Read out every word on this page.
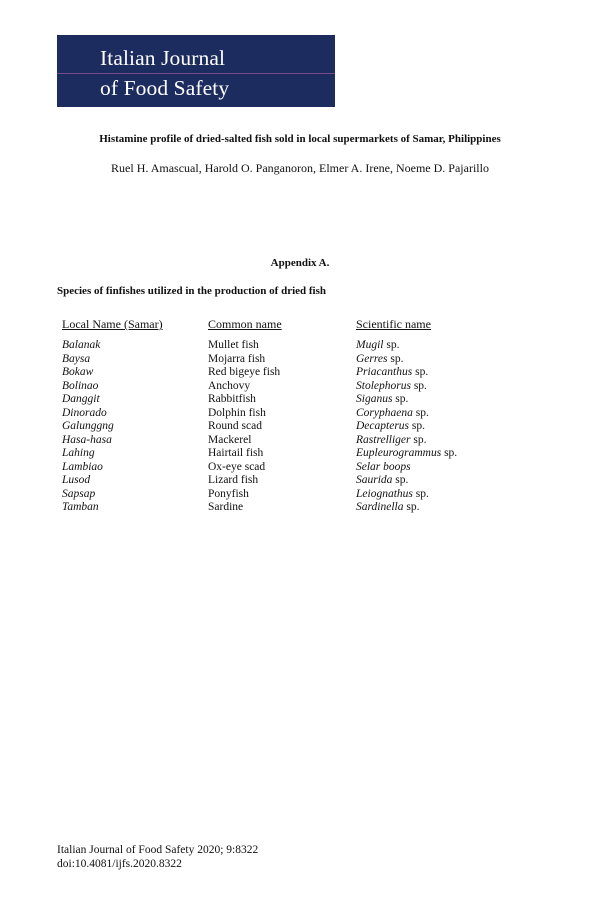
Italian Journal
of Food Safety
Histamine profile of dried-salted fish sold in local supermarkets of Samar, Philippines
Ruel H. Amascual, Harold O. Panganoron, Elmer A. Irene, Noeme D. Pajarillo
Appendix A.
Species of finfishes utilized in the production of dried fish
Local Name (Samar)	Common name	Scientific name
Balanak	Mullet fish	Mugil sp.
Baysa	Mojarra fish	Gerres sp.
Bokaw	Red bigeye fish	Priacanthus sp.
Bolinao	Anchovy	Stolephorus sp.
Danggit	Rabbitfish	Siganus sp.
Dinorado	Dolphin fish	Coryphaena sp.
Galunggng	Round scad	Decapterus sp.
Hasa-hasa	Mackerel	Rastrelliger sp.
Lahing	Hairtail fish	Eupleurogrammus sp.
Lambiao	Ox-eye scad	Selar boops
Lusod	Lizard fish	Saurida sp.
Sapsap	Ponyfish	Leiognathus sp.
Tamban	Sardine	Sardinella sp.
Italian Journal of Food Safety 2020; 9:8322
doi:10.4081/ijfs.2020.8322
